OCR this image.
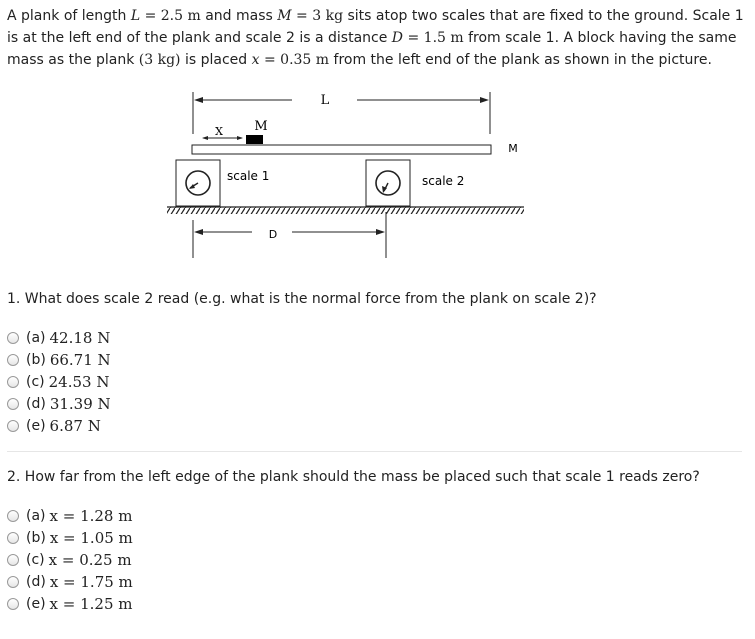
A plank of length L = 2.5 m and mass M = 3 kg sits atop two scales that are fixed to the ground. Scale 1 is at the left end of the plank and scale 2 is a distance D = 1.5 m from scale 1. A block having the same mass as the plank (3 kg) is placed x = 0.35 m from the left end of the plank as shown in the picture.
L
X M
M
scale 1	scale 2
D
1. What does scale 2 read (e.g. what is the normal force from the plank on scale 2)?
(a) 42.18 N
(b) 66.71 N
(c) 24.53 N
(d) 31.39 N
(e) 6.87 N
2. How far from the left edge of the plank should the mass be placed such that scale 1 reads zero?
(a) x = 1.28 m
(b) x = 1.05 m
(c) x = 0.25 m
(d) x = 1.75 m
(e) x = 1.25 m
